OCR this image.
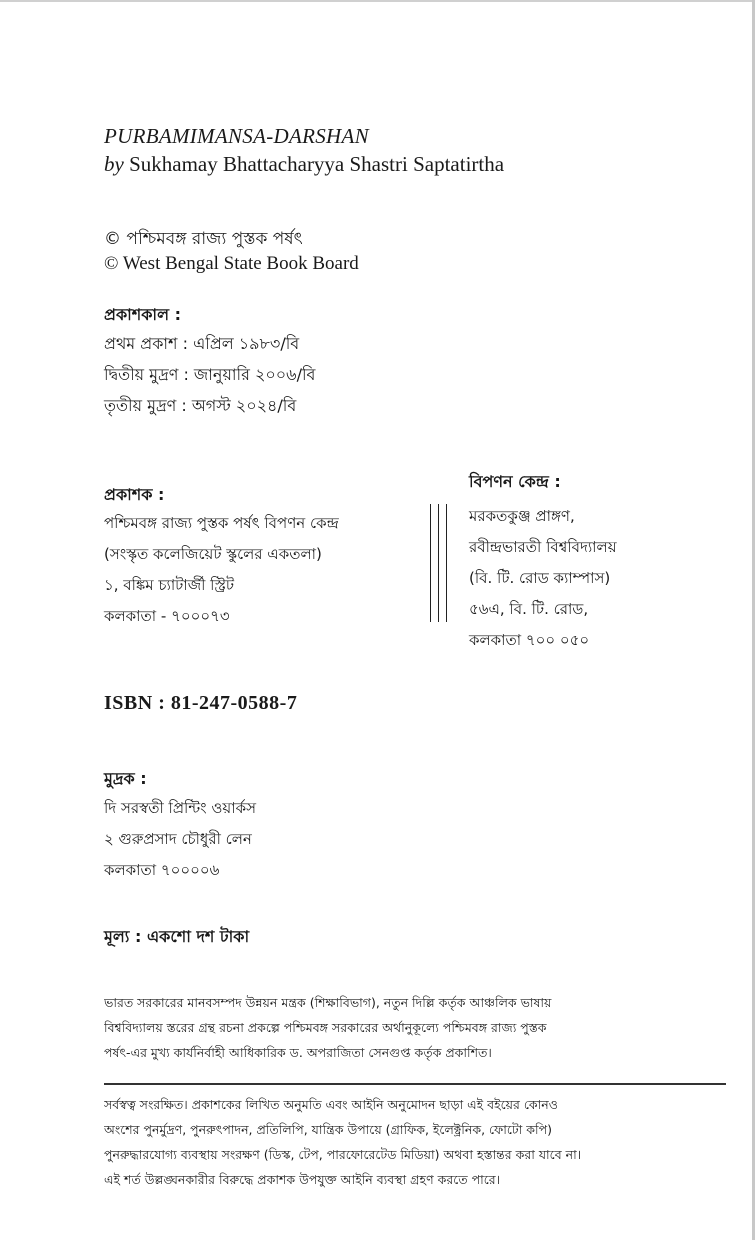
PURBAMIMANSA-DARSHAN
by Sukhamay Bhattacharyya Shastri Saptatirtha
© পশ্চিমবঙ্গ রাজ্য পুস্তক পর্ষৎ
© West Bengal State Book Board
প্রকাশকাল :
প্রথম প্রকাশ : এপ্রিল ১৯৮৩/বি
দ্বিতীয় মুদ্রণ : জানুয়ারি ২০০৬/বি
তৃতীয় মুদ্রণ : অগস্ট ২০২৪/বি
প্রকাশক :
পশ্চিমবঙ্গ রাজ্য পুস্তক পর্ষৎ বিপণন কেন্দ্র
(সংস্কৃত কলেজিয়েট স্কুলের একতলা)
১, বঙ্কিম চ্যাটার্জী স্ট্রিট
কলকাতা - ৭০০০৭৩
বিপণন কেন্দ্র :
মরকতকুঞ্জ প্রাঙ্গণ,
রবীন্দ্রভারতী বিশ্ববিদ্যালয়
(বি. টি. রোড ক্যাম্পাস)
৫৬এ, বি. টি. রোড,
কলকাতা ৭০০ ০৫০
ISBN : 81-247-0588-7
মুদ্রক :
দি সরস্বতী প্রিন্টিং ওয়ার্কস
২ গুরুপ্রসাদ চৌধুরী লেন
কলকাতা ৭০০০০৬
মূল্য : একশো দশ টাকা
ভারত সরকারের মানবসম্পদ উন্নয়ন মন্ত্রক (শিক্ষাবিভাগ), নতুন দিল্লি কর্তৃক আঞ্চলিক ভাষায়
বিশ্ববিদ্যালয় স্তরের গ্রন্থ রচনা প্রকল্পে পশ্চিমবঙ্গ সরকারের অর্থানুকূল্যে পশ্চিমবঙ্গ রাজ্য পুস্তক
পর্ষৎ-এর মুখ্য কার্যনির্বাহী আধিকারিক ড. অপরাজিতা সেনগুপ্ত কর্তৃক প্রকাশিত।
সর্বস্বত্ব সংরক্ষিত। প্রকাশকের লিখিত অনুমতি এবং আইনি অনুমোদন ছাড়া এই বইয়ের কোনও
অংশের পুনর্মুদ্রণ, পুনরুৎপাদন, প্রতিলিপি, যান্ত্রিক উপায়ে (গ্রাফিক, ইলেক্ট্রনিক, ফোটো কপি)
পুনরুদ্ধারযোগ্য ব্যবস্থায় সংরক্ষণ (ডিস্ক, টেপ, পারফোরেটেড মিডিয়া) অথবা হস্তান্তর করা যাবে না।
এই শর্ত উল্লঙ্ঘনকারীর বিরুদ্ধে প্রকাশক উপযুক্ত আইনি ব্যবস্থা গ্রহণ করতে পারে।
